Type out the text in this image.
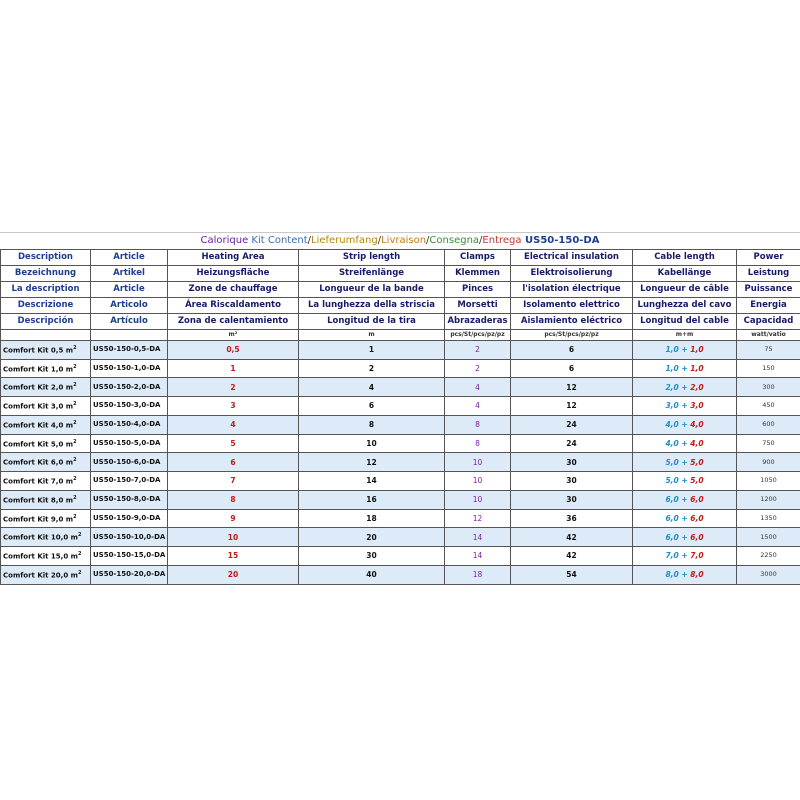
Calorique Kit Content/Lieferumfang/Livraison/Consegna/Entrega US50-150-DA
Description	Article	Heating Area	Strip length	Clamps	Electrical insulation	Cable length	Power
Bezeichnung	Artikel	Heizungsfläche	Streifenlänge	Klemmen	Elektroisolierung	Kabellänge	Leistung
La description	Article	Zone de chauffage	Longueur de la bande	Pinces	l'isolation électrique	Longueur de câble	Puissance
Descrizione	Articolo	Área Riscaldamento	La lunghezza della striscia	Morsetti	Isolamento elettrico	Lunghezza del cavo	Energia
Descripción	Artículo	Zona de calentamiento	Longitud de la tira	Abrazaderas	Aislamiento eléctrico	Longitud del cable	Capacidad
		m²	m	pcs/St/pcs/pz/pz	pcs/St/pcs/pz/pz	m+m	watt/vatio
Comfort Kit 0,5 $m^2$	US50-150-0,5-DA	0,5	1	2	6	1,0 + 1,0	75
Comfort Kit 1,0 $m^2$	US50-150-1,0-DA	1	2	2	6	1,0 + 1,0	150
Comfort Kit 2,0 $m^2$	US50-150-2,0-DA	2	4	4	12	2,0 + 2,0	300
Comfort Kit 3,0 $m^2$	US50-150-3,0-DA	3	6	4	12	3,0 + 3,0	450
Comfort Kit 4,0 $m^2$	US50-150-4,0-DA	4	8	8	24	4,0 + 4,0	600
Comfort Kit 5,0 $m^2$	US50-150-5,0-DA	5	10	8	24	4,0 + 4,0	750
Comfort Kit 6,0 $m^2$	US50-150-6,0-DA	6	12	10	30	5,0 + 5,0	900
Comfort Kit 7,0 $m^2$	US50-150-7,0-DA	7	14	10	30	5,0 + 5,0	1050
Comfort Kit 8,0 $m^2$	US50-150-8,0-DA	8	16	10	30	6,0 + 6,0	1200
Comfort Kit 9,0 $m^2$	US50-150-9,0-DA	9	18	12	36	6,0 + 6,0	1350
Comfort Kit 10,0 $m^2$	US50-150-10,0-DA	10	20	14	42	6,0 + 6,0	1500
Comfort Kit 15,0 $m^2$	US50-150-15,0-DA	15	30	14	42	7,0 + 7,0	2250
Comfort Kit 20,0 $m^2$	US50-150-20,0-DA	20	40	18	54	8,0 + 8,0	3000
